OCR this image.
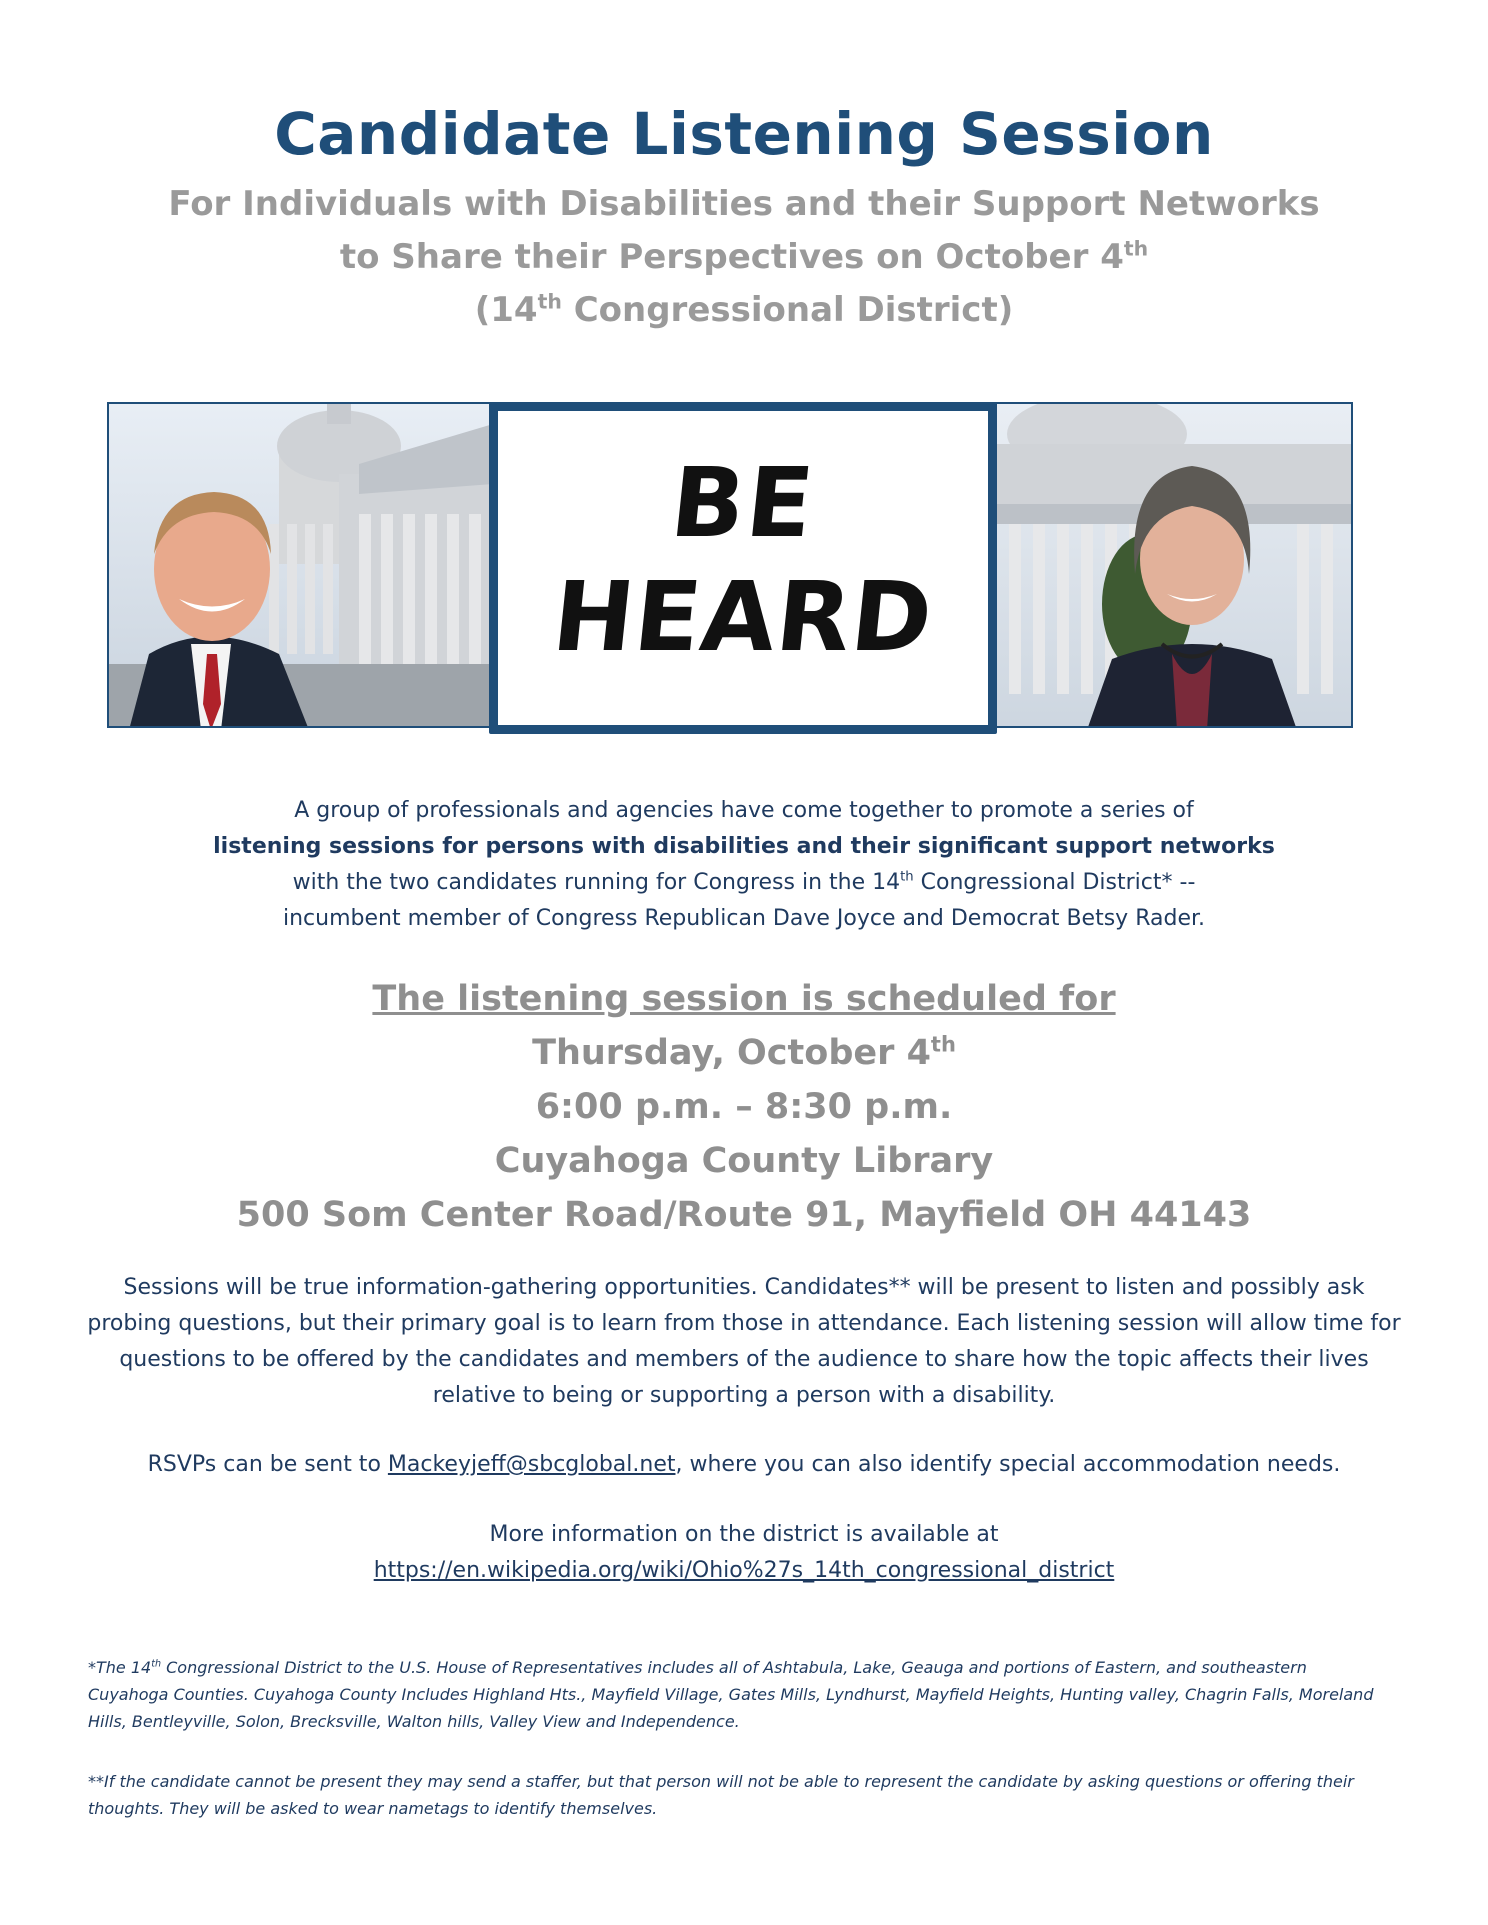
Candidate Listening Session
For Individuals with Disabilities and their Support Networks
to Share their Perspectives on October 4th
(14th Congressional District)
BE
HEARD
A group of professionals and agencies have come together to promote a series of
listening sessions for persons with disabilities and their significant support networks
with the two candidates running for Congress in the 14th Congressional District* --
incumbent member of Congress Republican Dave Joyce and Democrat Betsy Rader.
The listening session is scheduled for
Thursday, October 4th
6:00 p.m. – 8:30 p.m.
Cuyahoga County Library
500 Som Center Road/Route 91, Mayfield OH 44143
Sessions will be true information-gathering opportunities. Candidates** will be present to listen and possibly ask probing questions, but their primary goal is to learn from those in attendance. Each listening session will allow time for questions to be offered by the candidates and members of the audience to share how the topic affects their lives relative to being or supporting a person with a disability.
RSVPs can be sent to Mackeyjeff@sbcglobal.net, where you can also identify special accommodation needs.
More information on the district is available at
https://en.wikipedia.org/wiki/Ohio%27s_14th_congressional_district
*The 14th Congressional District to the U.S. House of Representatives includes all of Ashtabula, Lake, Geauga and portions of Eastern, and southeastern Cuyahoga Counties. Cuyahoga County Includes Highland Hts., Mayfield Village, Gates Mills, Lyndhurst, Mayfield Heights, Hunting valley, Chagrin Falls, Moreland Hills, Bentleyville, Solon, Brecksville, Walton hills, Valley View and Independence.
**If the candidate cannot be present they may send a staffer, but that person will not be able to represent the candidate by asking questions or offering their thoughts. They will be asked to wear nametags to identify themselves.
